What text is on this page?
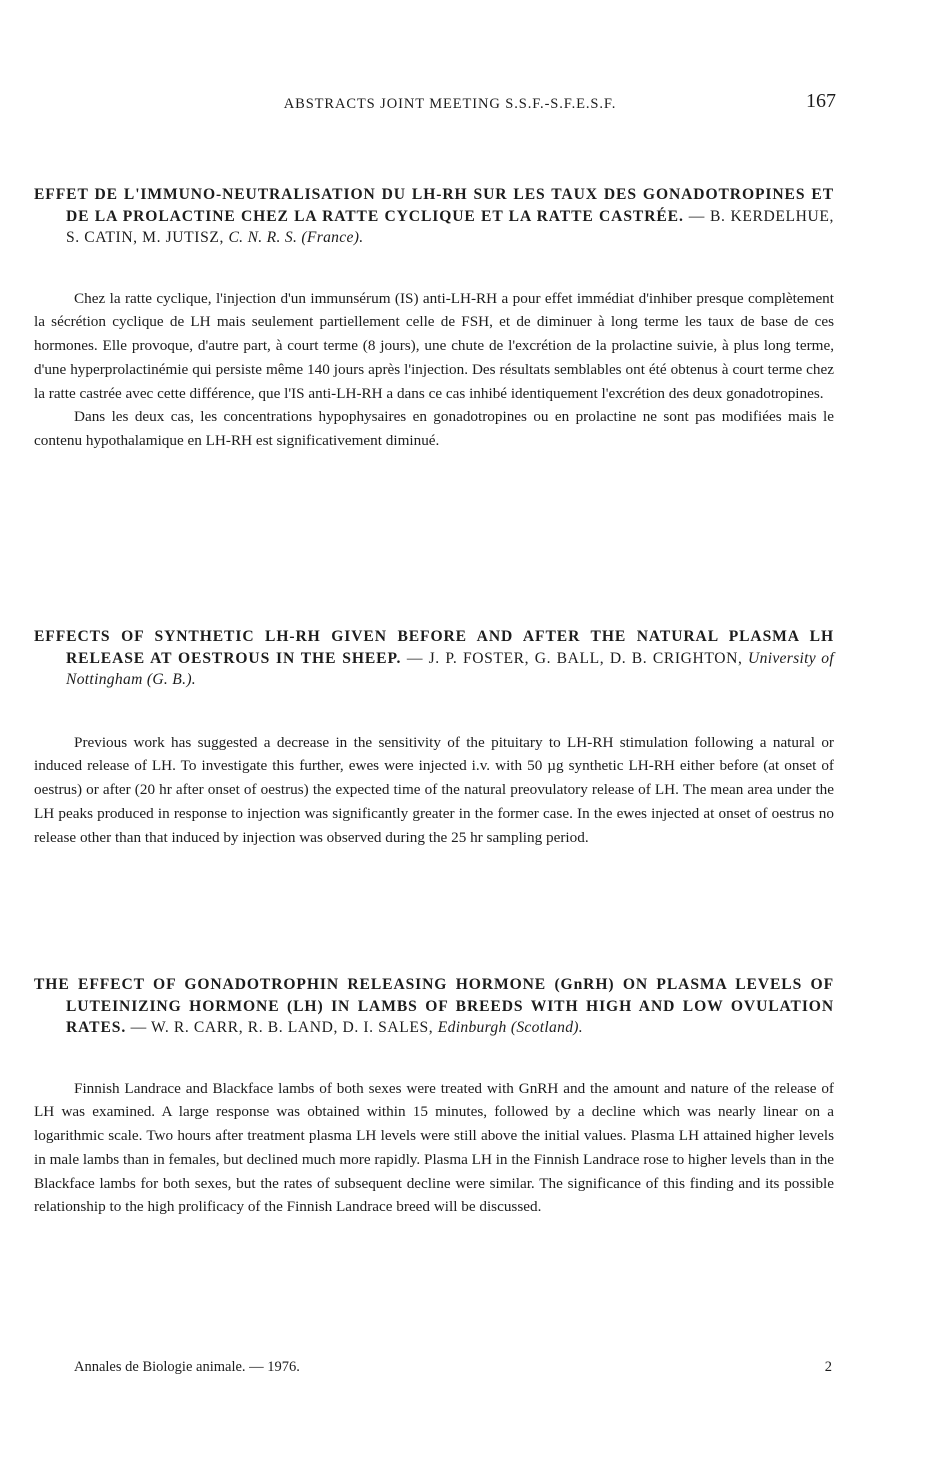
ABSTRACTS JOINT MEETING S.S.F.-S.F.E.S.F.	167

EFFET DE L'IMMUNO-NEUTRALISATION DU LH-RH SUR LES TAUX DES GONADOTROPINES ET DE LA PROLACTINE CHEZ LA RATTE CYCLIQUE ET LA RATTE CASTRÉE. — B. KERDELHUE, S. CATIN, M. JUTISZ, C. N. R. S. (France).

Chez la ratte cyclique, l'injection d'un immunsérum (IS) anti-LH-RH a pour effet immédiat d'inhiber presque complètement la sécrétion cyclique de LH mais seulement partiellement celle de FSH, et de diminuer à long terme les taux de base de ces hormones. Elle provoque, d'autre part, à court terme (8 jours), une chute de l'excrétion de la prolactine suivie, à plus long terme, d'une hyperprolactinémie qui persiste même 140 jours après l'injection. Des résultats semblables ont été obtenus à court terme chez la ratte castrée avec cette différence, que l'IS anti-LH-RH a dans ce cas inhibé identiquement l'excrétion des deux gonadotropines.

Dans les deux cas, les concentrations hypophysaires en gonadotropines ou en prolactine ne sont pas modifiées mais le contenu hypothalamique en LH-RH est significativement diminué.

EFFECTS OF SYNTHETIC LH-RH GIVEN BEFORE AND AFTER THE NATURAL PLASMA LH RELEASE AT OESTROUS IN THE SHEEP. — J. P. FOSTER, G. BALL, D. B. CRIGHTON, University of Nottingham (G. B.).

Previous work has suggested a decrease in the sensitivity of the pituitary to LH-RH stimulation following a natural or induced release of LH. To investigate this further, ewes were injected i.v. with 50 µg synthetic LH-RH either before (at onset of oestrus) or after (20 hr after onset of oestrus) the expected time of the natural preovulatory release of LH. The mean area under the LH peaks produced in response to injection was significantly greater in the former case. In the ewes injected at onset of oestrus no release other than that induced by injection was observed during the 25 hr sampling period.

THE EFFECT OF GONADOTROPHIN RELEASING HORMONE (GnRH) ON PLASMA LEVELS OF LUTEINIZING HORMONE (LH) IN LAMBS OF BREEDS WITH HIGH AND LOW OVULATION RATES. — W. R. CARR, R. B. LAND, D. I. SALES, Edinburgh (Scotland).

Finnish Landrace and Blackface lambs of both sexes were treated with GnRH and the amount and nature of the release of LH was examined. A large response was obtained within 15 minutes, followed by a decline which was nearly linear on a logarithmic scale. Two hours after treatment plasma LH levels were still above the initial values. Plasma LH attained higher levels in male lambs than in females, but declined much more rapidly. Plasma LH in the Finnish Landrace rose to higher levels than in the Blackface lambs for both sexes, but the rates of subsequent decline were similar. The significance of this finding and its possible relationship to the high prolificacy of the Finnish Landrace breed will be discussed.

Annales de Biologie animale. — 1976.	2
